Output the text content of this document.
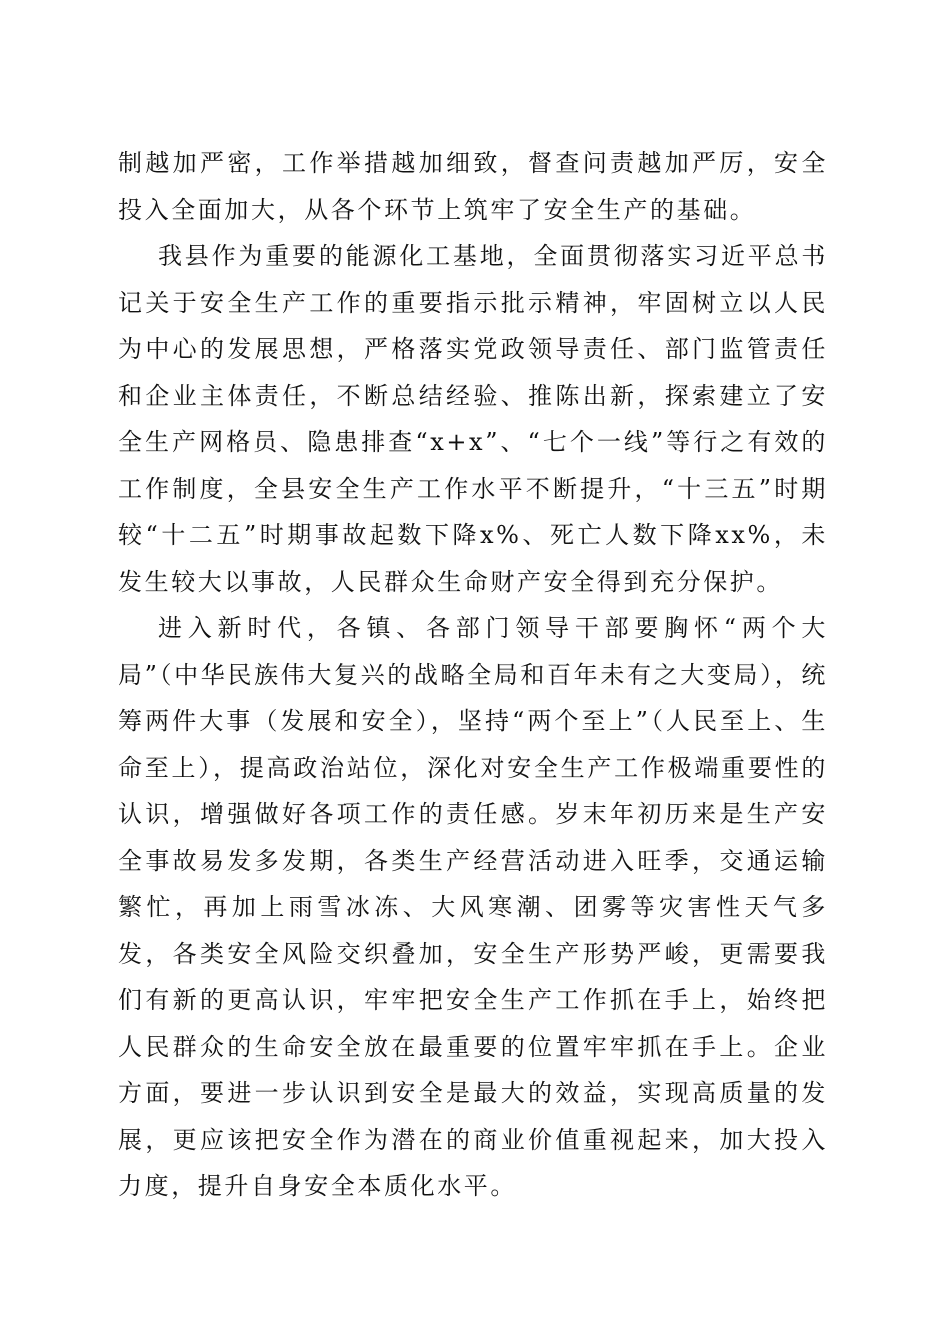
制越加严密，工作举措越加细致，督查问责越加严厉，安全投入全面加大，从各个环节上筑牢了安全生产的基础。

我县作为重要的能源化工基地，全面贯彻落实习近平总书记关于安全生产工作的重要指示批示精神，牢固树立以人民为中心的发展思想，严格落实党政领导责任、部门监管责任和企业主体责任，不断总结经验、推陈出新，探索建立了安全生产网格员、隐患排查“x+x”、“七个一线”等行之有效的工作制度，全县安全生产工作水平不断提升，“十三五”时期较“十二五”时期事故起数下降x%、死亡人数下降xx%，未发生较大以事故，人民群众生命财产安全得到充分保护。

进入新时代，各镇、各部门领导干部要胸怀“两个大局”（中华民族伟大复兴的战略全局和百年未有之大变局），统筹两件大事（发展和安全），坚持“两个至上”（人民至上、生命至上），提高政治站位，深化对安全生产工作极端重要性的认识，增强做好各项工作的责任感。岁末年初历来是生产安全事故易发多发期，各类生产经营活动进入旺季，交通运输繁忙，再加上雨雪冰冻、大风寒潮、团雾等灾害性天气多发，各类安全风险交织叠加，安全生产形势严峻，更需要我们有新的更高认识，牢牢把安全生产工作抓在手上，始终把人民群众的生命安全放在最重要的位置牢牢抓在手上。企业方面，要进一步认识到安全是最大的效益，实现高质量的发展，更应该把安全作为潜在的商业价值重视起来，加大投入力度，提升自身安全本质化水平。
